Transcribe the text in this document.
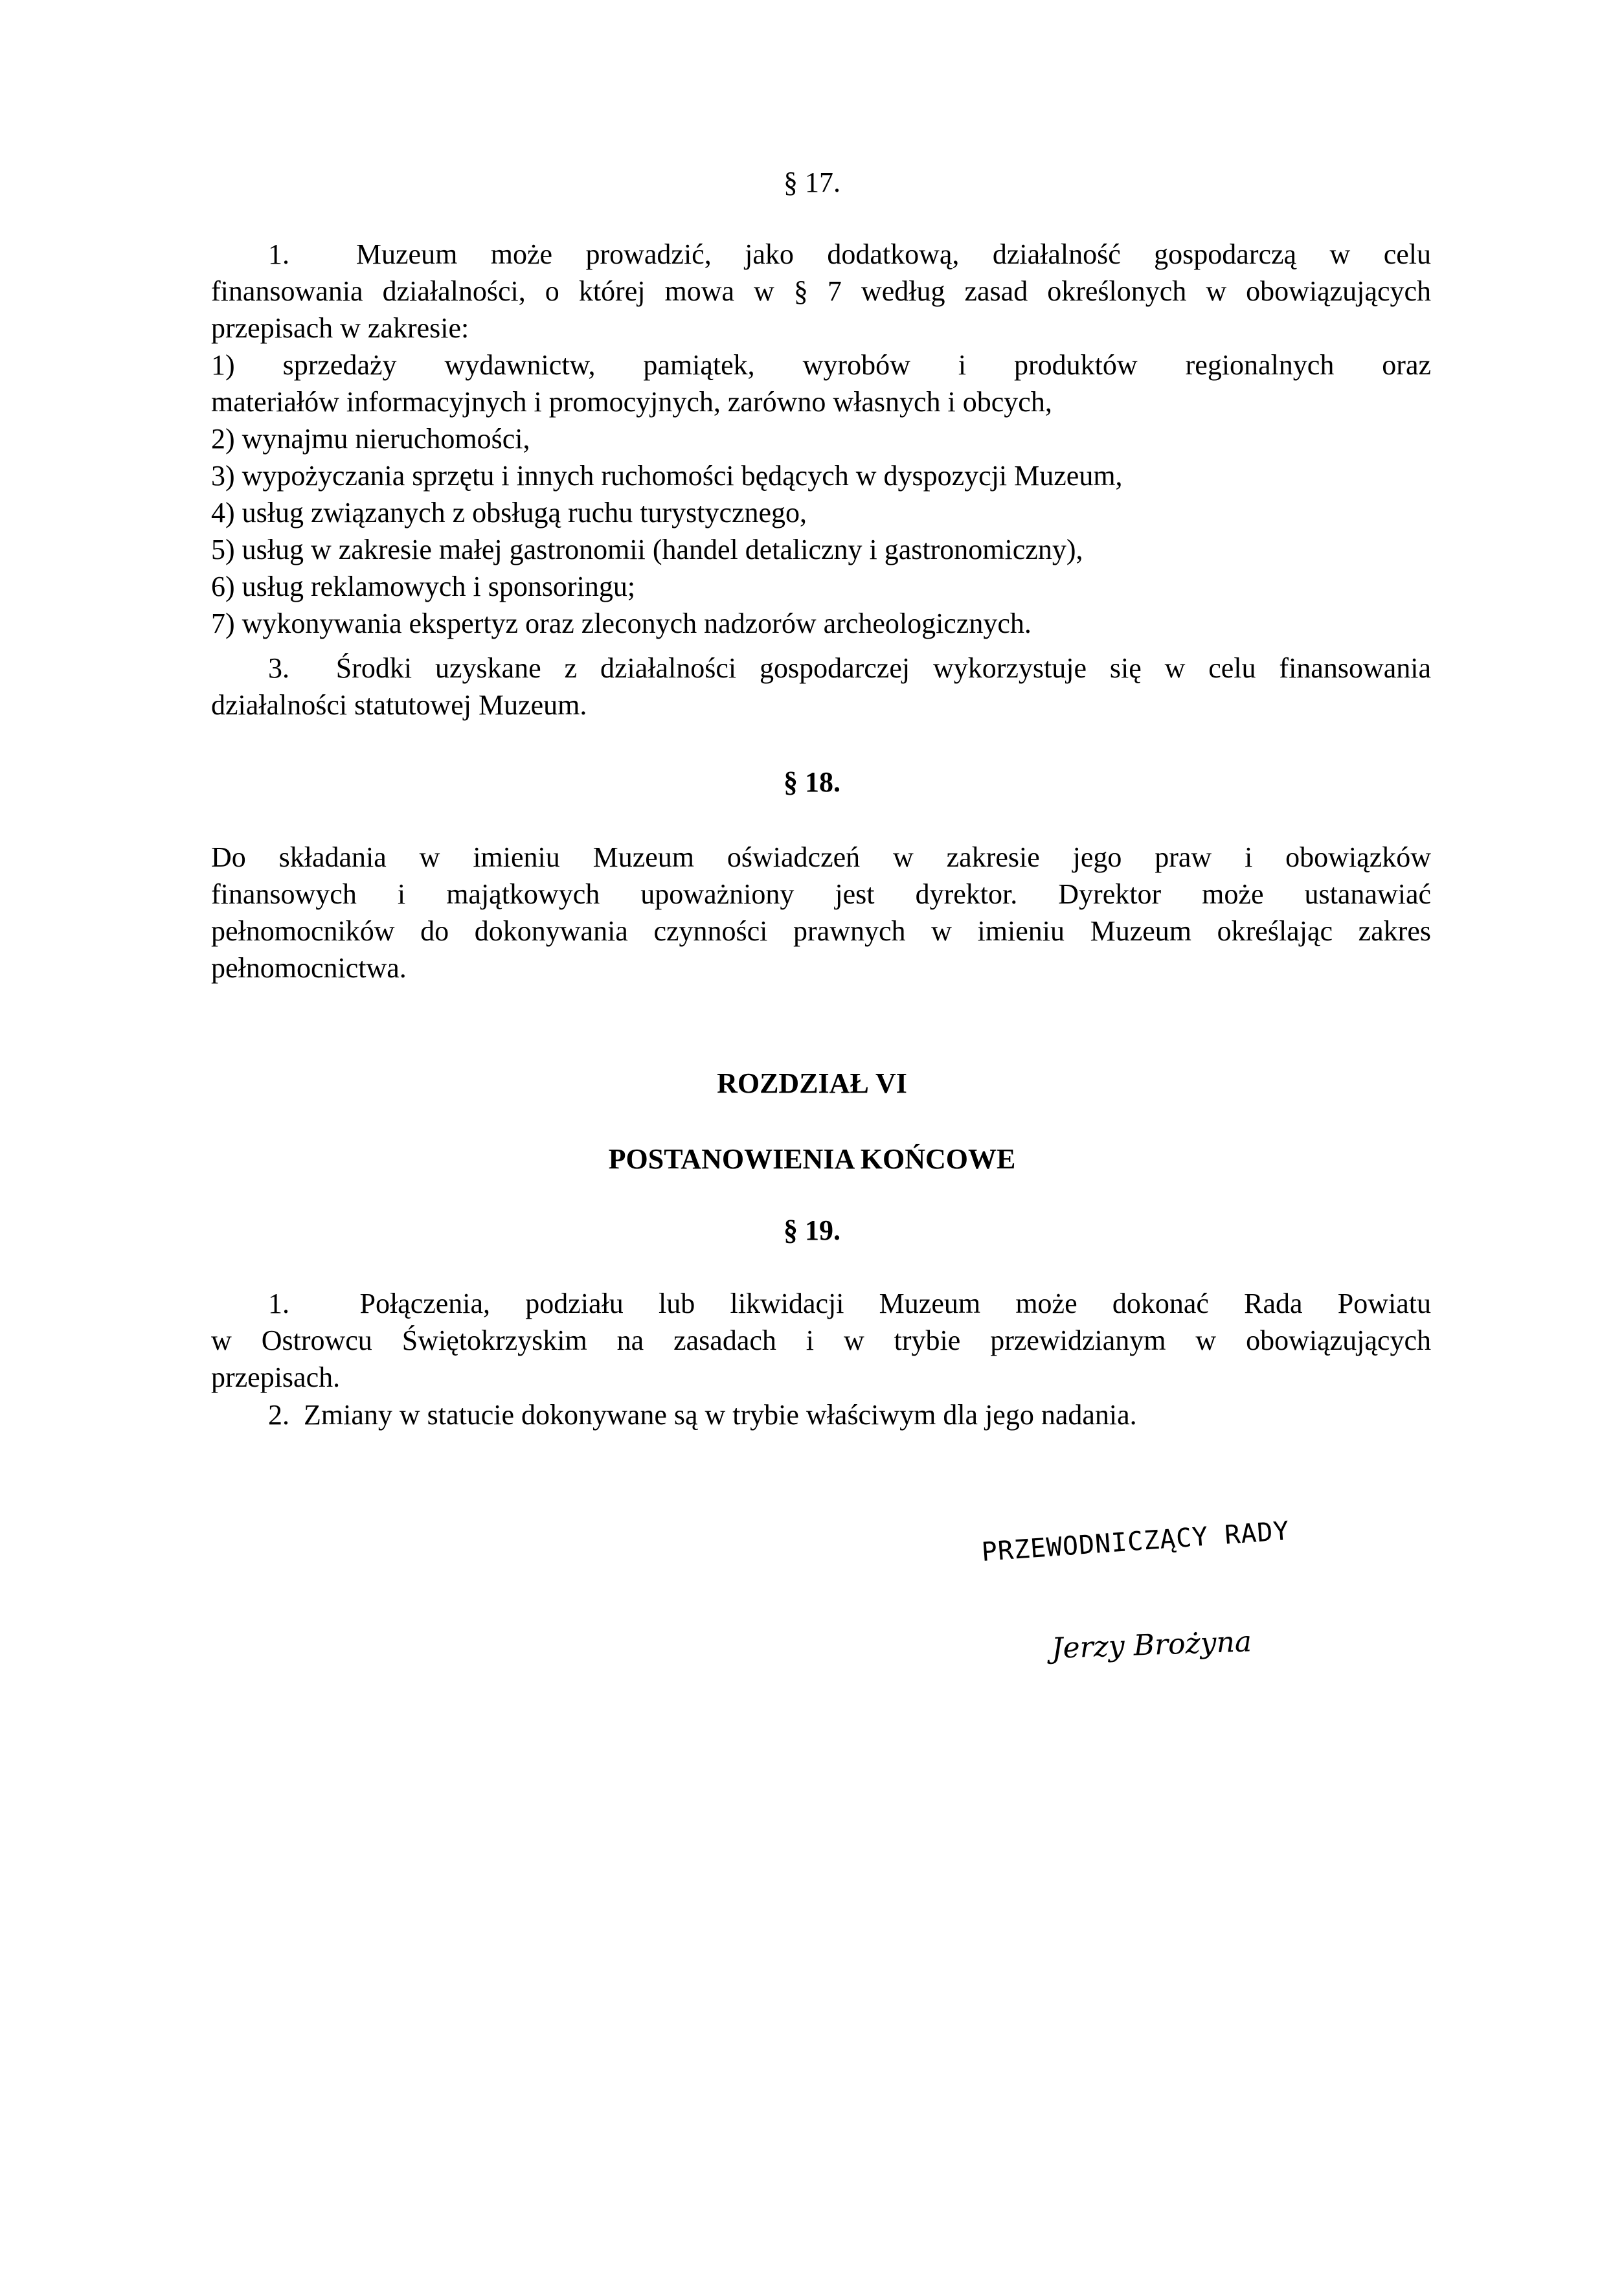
§ 17.
1. Muzeum może prowadzić, jako dodatkową, działalność gospodarczą w celu
finansowania działalności, o której mowa w § 7 według zasad określonych w obowiązujących
przepisach w zakresie:
1) sprzedaży wydawnictw, pamiątek, wyrobów i produktów regionalnych oraz
materiałów informacyjnych i promocyjnych, zarówno własnych i obcych,
2) wynajmu nieruchomości,
3) wypożyczania sprzętu i innych ruchomości będących w dyspozycji Muzeum,
4) usług związanych z obsługą ruchu turystycznego,
5) usług w zakresie małej gastronomii (handel detaliczny i gastronomiczny),
6) usług reklamowych i sponsoringu;
7) wykonywania ekspertyz oraz zleconych nadzorów archeologicznych.
3. Środki uzyskane z działalności gospodarczej wykorzystuje się w celu finansowania
działalności statutowej Muzeum.
§ 18.
Do składania w imieniu Muzeum oświadczeń w zakresie jego praw i obowiązków
finansowych i majątkowych upoważniony jest dyrektor. Dyrektor może ustanawiać
pełnomocników do dokonywania czynności prawnych w imieniu Muzeum określając zakres
pełnomocnictwa.
ROZDZIAŁ VI
POSTANOWIENIA KOŃCOWE
§ 19.
1. Połączenia, podziału lub likwidacji Muzeum może dokonać Rada Powiatu
w Ostrowcu Świętokrzyskim na zasadach i w trybie przewidzianym w obowiązujących
przepisach.
2. Zmiany w statucie dokonywane są w trybie właściwym dla jego nadania.
PRZEWODNICZĄCY RADY
Jerzy Brożyna
